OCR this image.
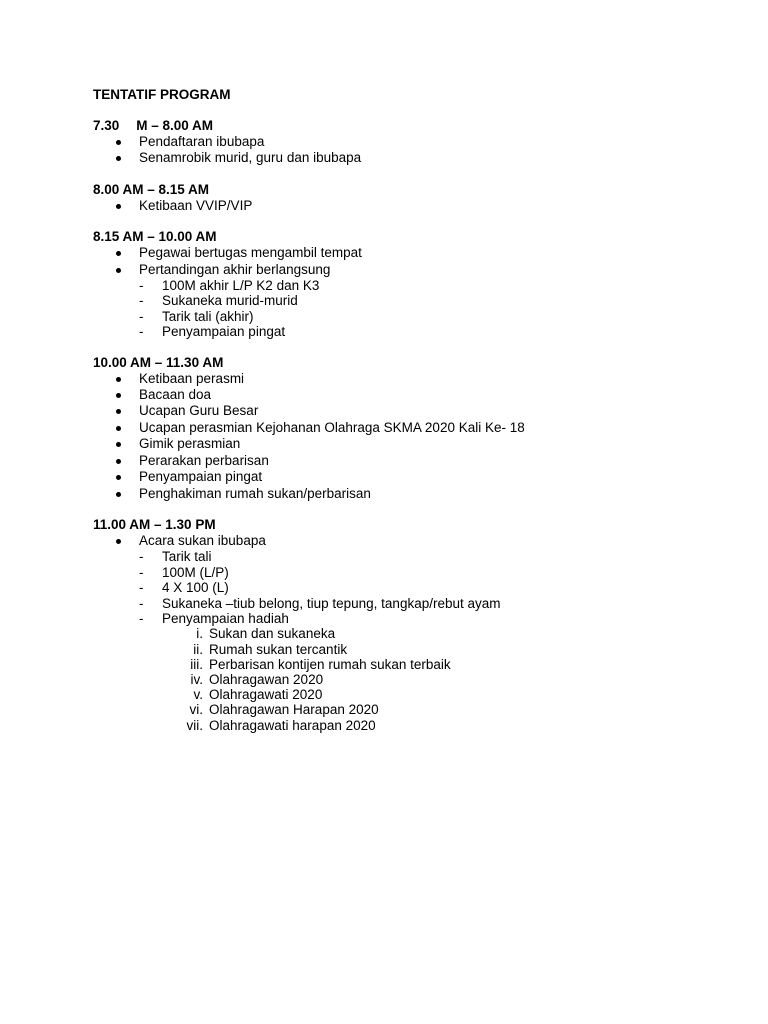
TENTATIF PROGRAM
7.30 M – 8.00 AM
Pendaftaran ibubapa
Senamrobik murid, guru dan ibubapa
8.00 AM – 8.15 AM
Ketibaan VVIP/VIP
8.15 AM – 10.00 AM
Pegawai bertugas mengambil tempat
Pertandingan akhir berlangsung
- 100M akhir L/P K2 dan K3
- Sukaneka murid-murid
- Tarik tali (akhir)
- Penyampaian pingat
10.00 AM – 11.30 AM
Ketibaan perasmi
Bacaan doa
Ucapan Guru Besar
Ucapan perasmian Kejohanan Olahraga SKMA 2020 Kali Ke- 18
Gimik perasmian
Perarakan perbarisan
Penyampaian pingat
Penghakiman rumah sukan/perbarisan
11.00 AM – 1.30 PM
Acara sukan ibubapa
- Tarik tali
- 100M (L/P)
- 4 X 100 (L)
- Sukaneka –tiub belong, tiup tepung, tangkap/rebut ayam
- Penyampaian hadiah
i. Sukan dan sukaneka
ii. Rumah sukan tercantik
iii. Perbarisan kontijen rumah sukan terbaik
iv. Olahragawan 2020
v. Olahragawati 2020
vi. Olahragawan Harapan 2020
vii. Olahragawati harapan 2020
